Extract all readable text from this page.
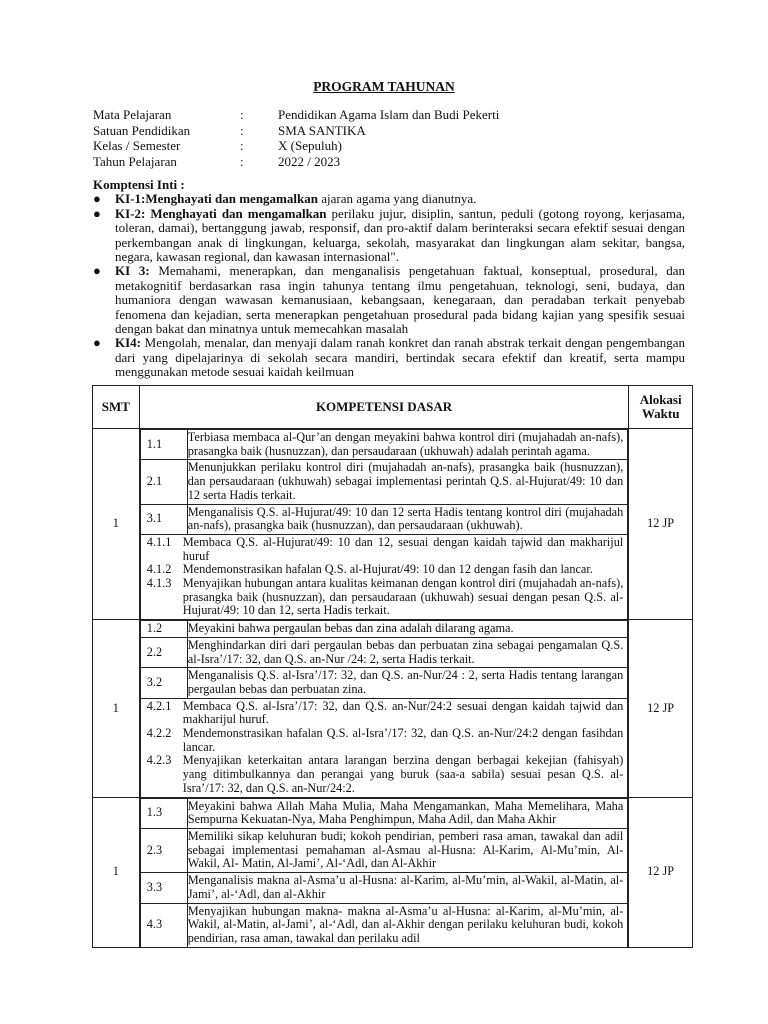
PROGRAM TAHUNAN
Mata Pelajaran	:	Pendidikan Agama Islam dan Budi Pekerti
Satuan Pendidikan	:	SMA SANTIKA
Kelas / Semester	:	X (Sepuluh)
Tahun Pelajaran	:	2022 / 2023
Komptensi Inti :
● KI-1:Menghayati dan mengamalkan ajaran agama yang dianutnya.
● KI-2: Menghayati dan mengamalkan perilaku jujur, disiplin, santun, peduli (gotong royong, kerjasama, toleran, damai), bertanggung jawab, responsif, dan pro-aktif dalam berinteraksi secara efektif sesuai dengan perkembangan anak di lingkungan, keluarga, sekolah, masyarakat dan lingkungan alam sekitar, bangsa, negara, kawasan regional, dan kawasan internasional".
● KI 3: Memahami, menerapkan, dan menganalisis pengetahuan faktual, konseptual, prosedural, dan metakognitif berdasarkan rasa ingin tahunya tentang ilmu pengetahuan, teknologi, seni, budaya, dan humaniora dengan wawasan kemanusiaan, kebangsaan, kenegaraan, dan peradaban terkait penyebab fenomena dan kejadian, serta menerapkan pengetahuan prosedural pada bidang kajian yang spesifik sesuai dengan bakat dan minatnya untuk memecahkan masalah
● KI4: Mengolah, menalar, dan menyaji dalam ranah konkret dan ranah abstrak terkait dengan pengembangan dari yang dipelajarinya di sekolah secara mandiri, bertindak secara efektif dan kreatif, serta mampu menggunakan metode sesuai kaidah keilmuan
SMT	KOMPETENSI DASAR	Alokasi Waktu
1	
1.1	Terbiasa membaca al-Qur’an dengan meyakini bahwa kontrol diri (mujahadah an-nafs), prasangka baik (husnuzzan), dan persaudaraan (ukhuwah) adalah perintah agama.
2.1	Menunjukkan perilaku kontrol diri (mujahadah an-nafs), prasangka baik (husnuzzan), dan persaudaraan (ukhuwah) sebagai implementasi perintah Q.S. al-Hujurat/49: 10 dan 12 serta Hadis terkait.
3.1	Menganalisis Q.S. al-Hujurat/49: 10 dan 12 serta Hadis tentang kontrol diri (mujahadah an-nafs), prasangka baik (husnuzzan), dan persaudaraan (ukhuwah).

4.1.1 Membaca Q.S. al-Hujurat/49: 10 dan 12, sesuai dengan kaidah tajwid dan makharijul huruf
4.1.2 Mendemonstrasikan hafalan Q.S. al-Hujurat/49: 10 dan 12 dengan fasih dan lancar.
4.1.3 Menyajikan hubungan antara kualitas keimanan dengan kontrol diri (mujahadah an-nafs), prasangka baik (husnuzzan), dan persaudaraan (ukhuwah) sesuai dengan pesan Q.S. al-Hujurat/49: 10 dan 12, serta Hadis terkait.
	12 JP
1	
1.2	Meyakini bahwa pergaulan bebas dan zina adalah dilarang agama.
2.2	Menghindarkan diri dari pergaulan bebas dan perbuatan zina sebagai pengamalan Q.S. al-Isra’/17: 32, dan Q.S. an-Nur /24: 2, serta Hadis terkait.
3.2	Menganalisis Q.S. al-Isra’/17: 32, dan Q.S. an-Nur/24 : 2, serta Hadis tentang larangan pergaulan bebas dan perbuatan zina.

4.2.1 Membaca Q.S. al-Isra’/17: 32, dan Q.S. an-Nur/24:2 sesuai dengan kaidah tajwid dan makharijul huruf.
4.2.2 Mendemonstrasikan hafalan Q.S. al-Isra’/17: 32, dan Q.S. an-Nur/24:2 dengan fasihdan lancar.
4.2.3 Menyajikan keterkaitan antara larangan berzina dengan berbagai kekejian (fahisyah) yang ditimbulkannya dan perangai yang buruk (saa-a sabila) sesuai pesan Q.S. al-Isra’/17: 32, dan Q.S. an-Nur/24:2.
	12 JP
1	
1.3	Meyakini bahwa Allah Maha Mulia, Maha Mengamankan, Maha Memelihara, Maha Sempurna Kekuatan-Nya, Maha Penghimpun, Maha Adil, dan Maha Akhir
2.3	Memiliki sikap keluhuran budi; kokoh pendirian, pemberi rasa aman, tawakal dan adil sebagai implementasi pemahaman al-Asmau al-Husna: Al-Karim, Al-Mu’min, Al-Wakil, Al- Matin, Al-Jami’, Al-‘Adl, dan Al-Akhir
3.3	Menganalisis makna al-Asma’u al-Husna: al-Karim, al-Mu’min, al-Wakil, al-Matin, al-Jami’, al-‘Adl, dan al-Akhir
4.3	Menyajikan hubungan makna- makna al-Asma’u al-Husna: al-Karim, al-Mu’min, al-Wakil, al-Matin, al-Jami’, al-‘Adl, dan al-Akhir dengan perilaku keluhuran budi, kokoh pendirian, rasa aman, tawakal dan perilaku adil
	12 JP
